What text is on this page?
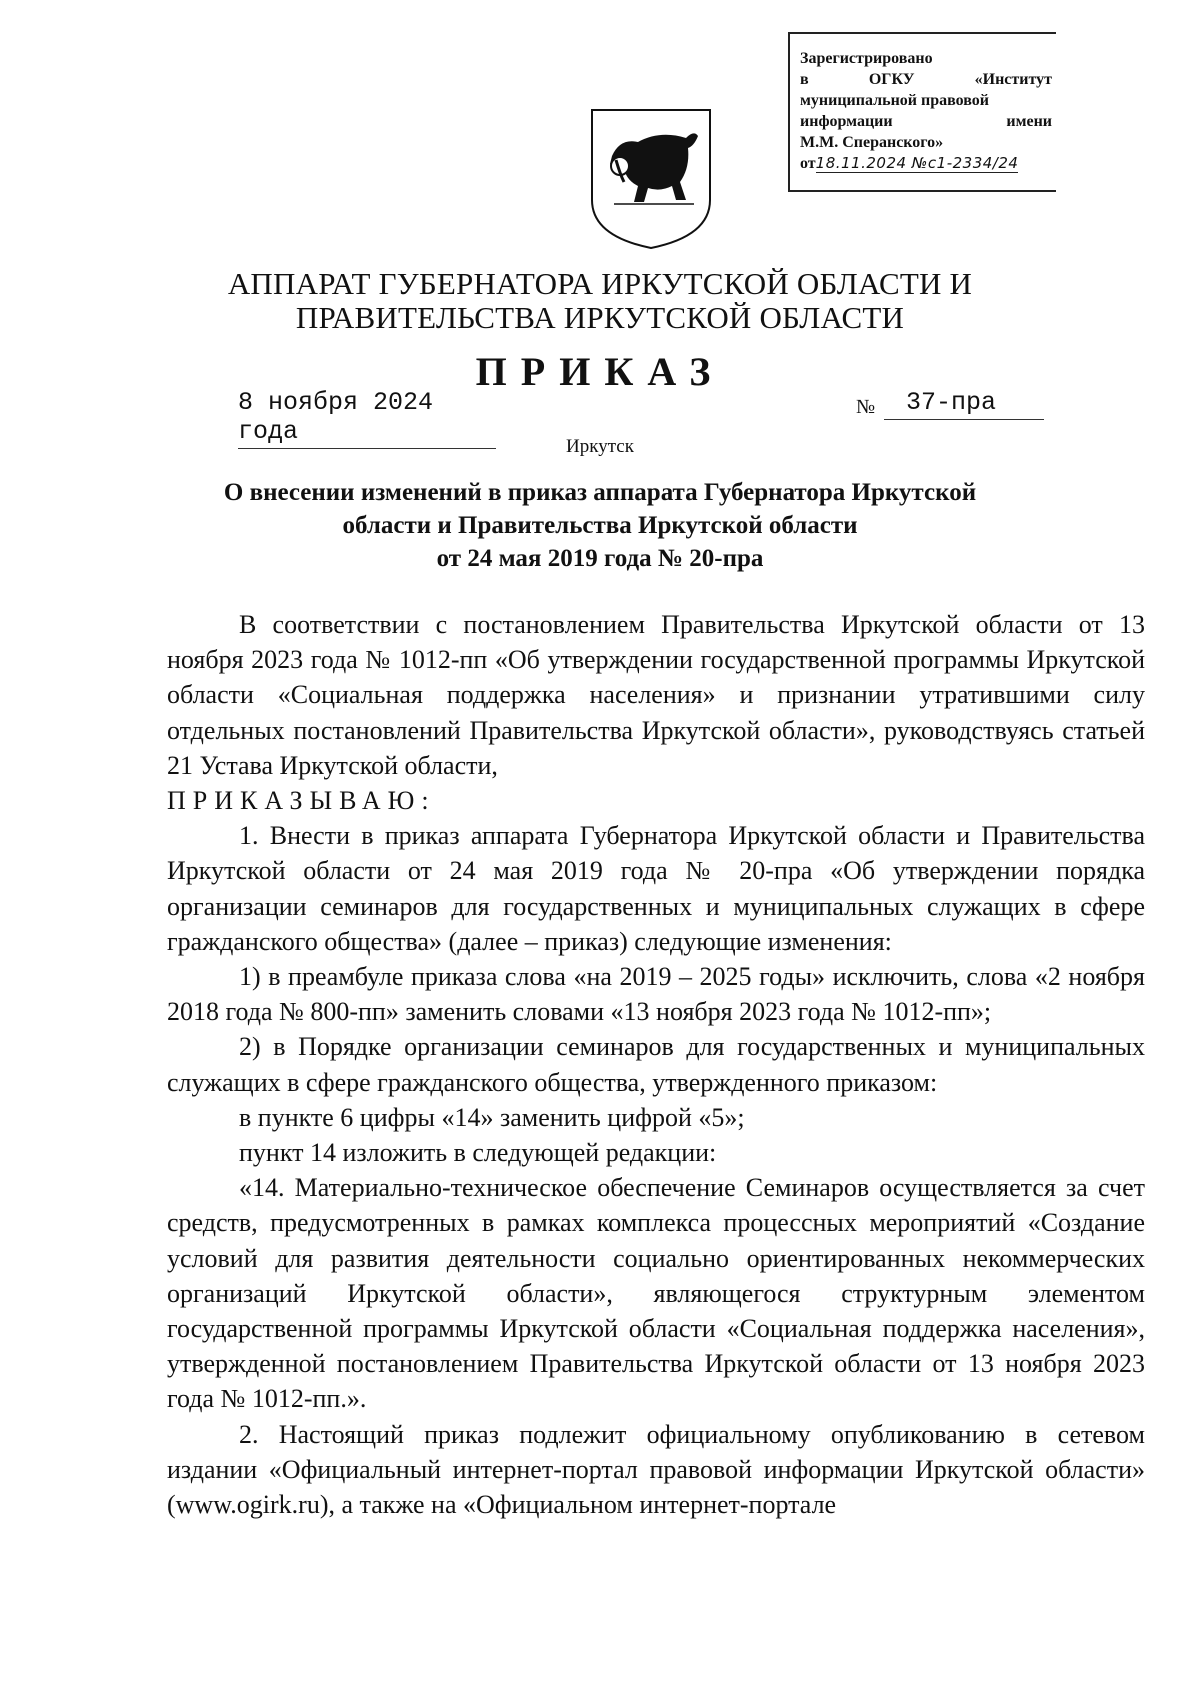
Зарегистрировано
в	ОГКУ	«Институт
муниципальной правовой
информации	имени
М.М. Сперанского»
от18.11.2024 №с1-2334/24
АППАРАТ ГУБЕРНАТОРА ИРКУТСКОЙ ОБЛАСТИ И
ПРАВИТЕЛЬСТВА ИРКУТСКОЙ ОБЛАСТИ
ПРИКАЗ
8 ноября 2024 года
№	37-пра
Иркутск
О внесении изменений в приказ аппарата Губернатора Иркутской
области и Правительства Иркутской области
от 24 мая 2019 года № 20-пра

В соответствии с постановлением Правительства Иркутской области от 13 ноября 2023 года № 1012-пп «Об утверждении государственной программы Иркутской области «Социальная поддержка населения» и признании утратившими силу отдельных постановлений Правительства Иркутской области», руководствуясь статьей 21 Устава Иркутской области,

ПРИКАЗЫВАЮ:

1. Внести в приказ аппарата Губернатора Иркутской области и Правительства Иркутской области от 24 мая 2019 года № 20-пра «Об утверждении порядка организации семинаров для государственных и муниципальных служащих в сфере гражданского общества» (далее – приказ) следующие изменения:

1) в преамбуле приказа слова «на 2019 – 2025 годы» исключить, слова «2 ноября 2018 года № 800-пп» заменить словами «13 ноября 2023 года № 1012-пп»;

2) в Порядке организации семинаров для государственных и муниципальных служащих в сфере гражданского общества, утвержденного приказом:

в пункте 6 цифры «14» заменить цифрой «5»;

пункт 14 изложить в следующей редакции:

«14. Материально-техническое обеспечение Семинаров осуществляется за счет средств, предусмотренных в рамках комплекса процессных мероприятий «Создание условий для развития деятельности социально ориентированных некоммерческих организаций Иркутской области», являющегося структурным элементом государственной программы Иркутской области «Социальная поддержка населения», утвержденной постановлением Правительства Иркутской области от 13 ноября 2023 года № 1012-пп.».

2. Настоящий приказ подлежит официальному опубликованию в сетевом издании «Официальный интернет-портал правовой информации Иркутской области» (www.ogirk.ru), а также на «Официальном интернет-портале
